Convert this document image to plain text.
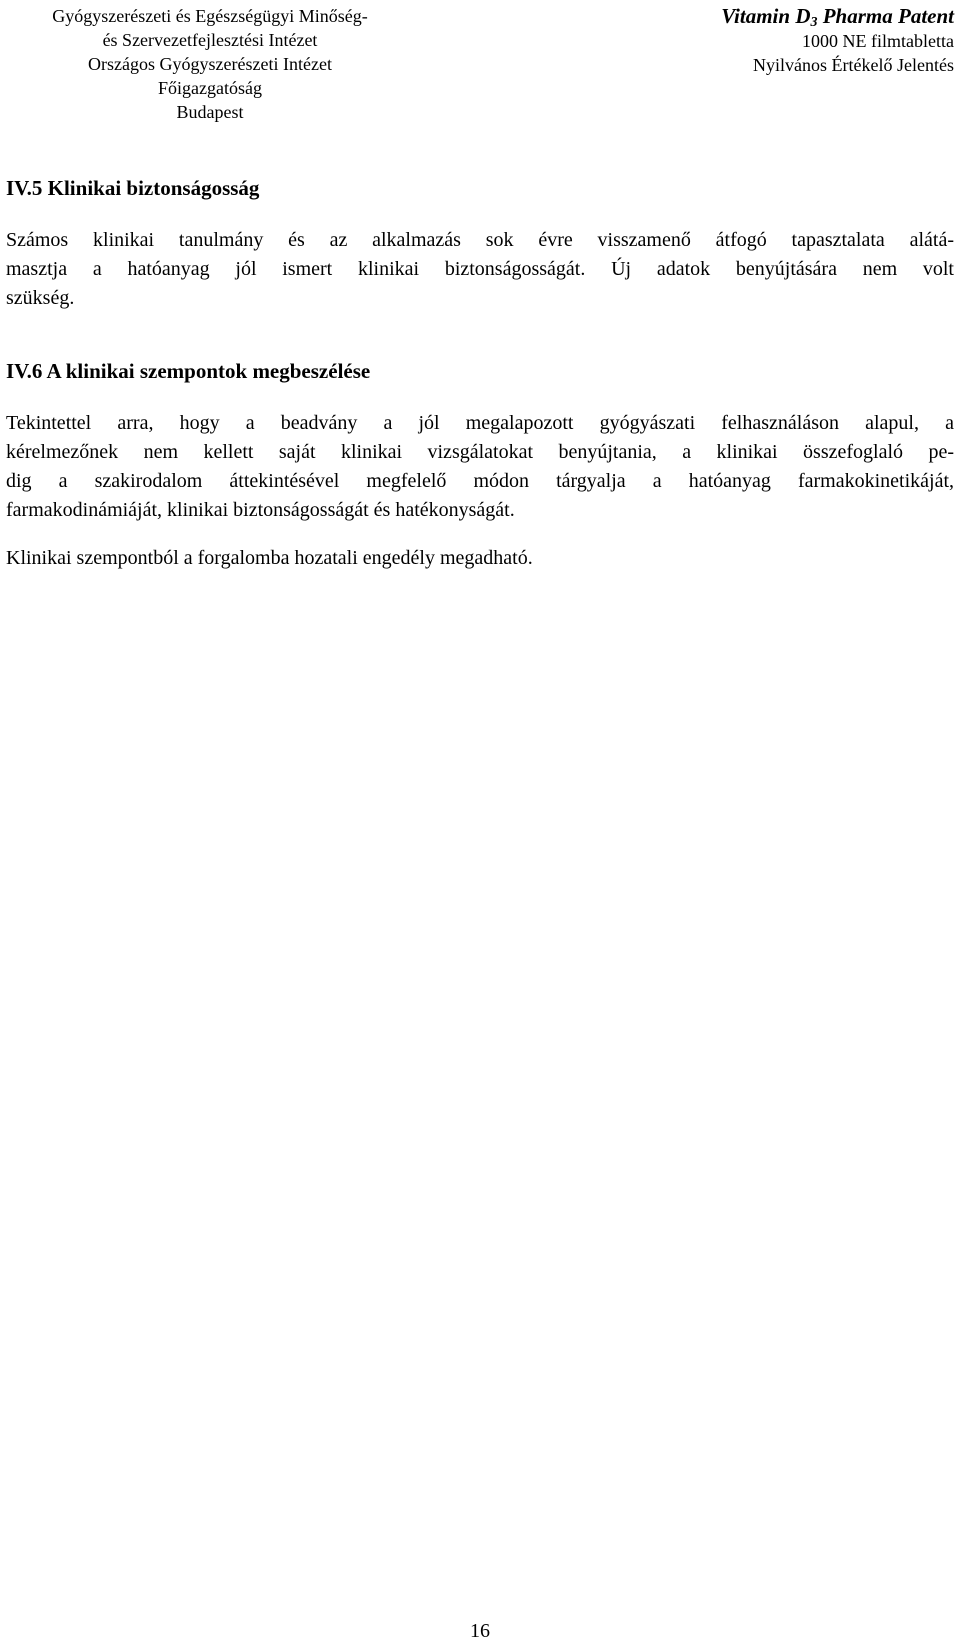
Gyógyszerészeti és Egészségügyi Minőség-
és Szervezetfejlesztési Intézet
Országos Gyógyszerészeti Intézet
Főigazgatóság
Budapest
Vitamin $D_3$ Pharma Patent
1000 NE filmtabletta
Nyilvános Értékelő Jelentés
IV.5 Klinikai biztonságosság
Számos klinikai tanulmány és az alkalmazás sok évre visszamenő átfogó tapasztalata alátá-
masztja a hatóanyag jól ismert klinikai biztonságosságát. Új adatok benyújtására nem volt
szükség.
IV.6 A klinikai szempontok megbeszélése
Tekintettel arra, hogy a beadvány a jól megalapozott gyógyászati felhasználáson alapul, a
kérelmezőnek nem kellett saját klinikai vizsgálatokat benyújtania, a klinikai összefoglaló pe-
dig a szakirodalom áttekintésével megfelelő módon tárgyalja a hatóanyag farmakokinetikáját,
farmakodinámiáját, klinikai biztonságosságát és hatékonyságát.
Klinikai szempontból a forgalomba hozatali engedély megadható.
16
